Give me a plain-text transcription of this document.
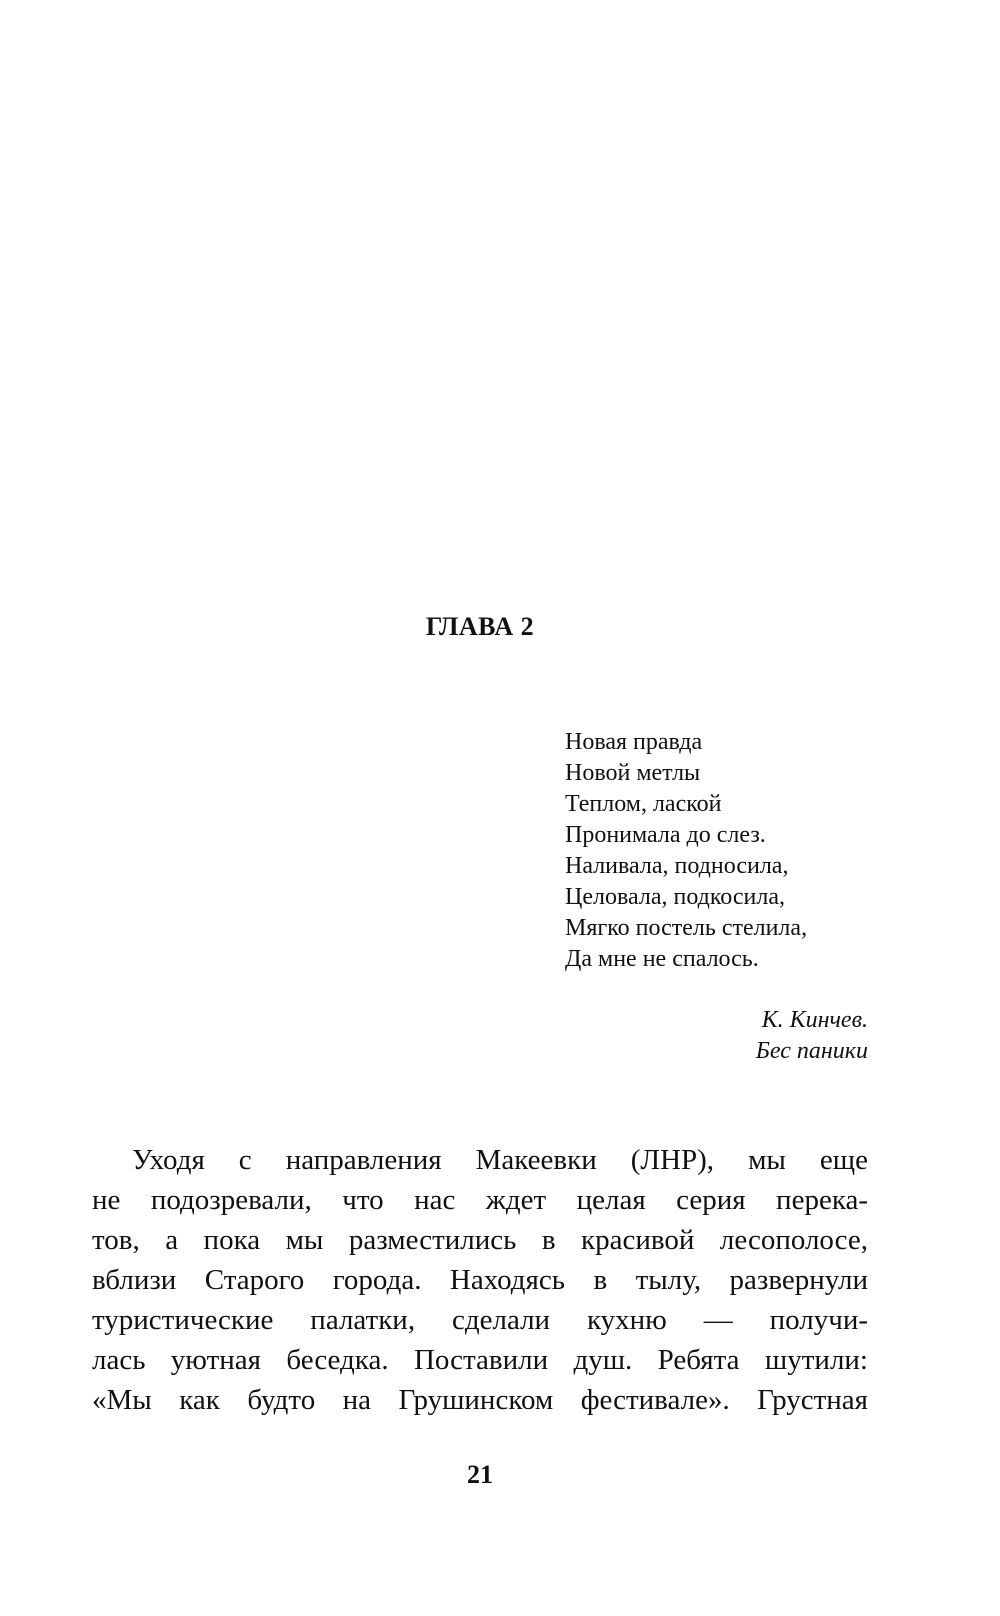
ГЛАВА 2
Новая правда
Новой метлы
Теплом, лаской
Пронимала до слез.
Наливала, подносила,
Целовала, подкосила,
Мягко постель стелила,
Да мне не спалось.
К. Кинчев.
Бес паники
Уходя с направления Макеевки (ЛНР), мы еще
не подозревали, что нас ждет целая серия перека-
тов, а пока мы разместились в красивой лесополосе,
вблизи Старого города. Находясь в тылу, развернули
туристические палатки, сделали кухню — получи-
лась уютная беседка. Поставили душ. Ребята шутили:
«Мы как будто на Грушинском фестивале». Грустная
21
